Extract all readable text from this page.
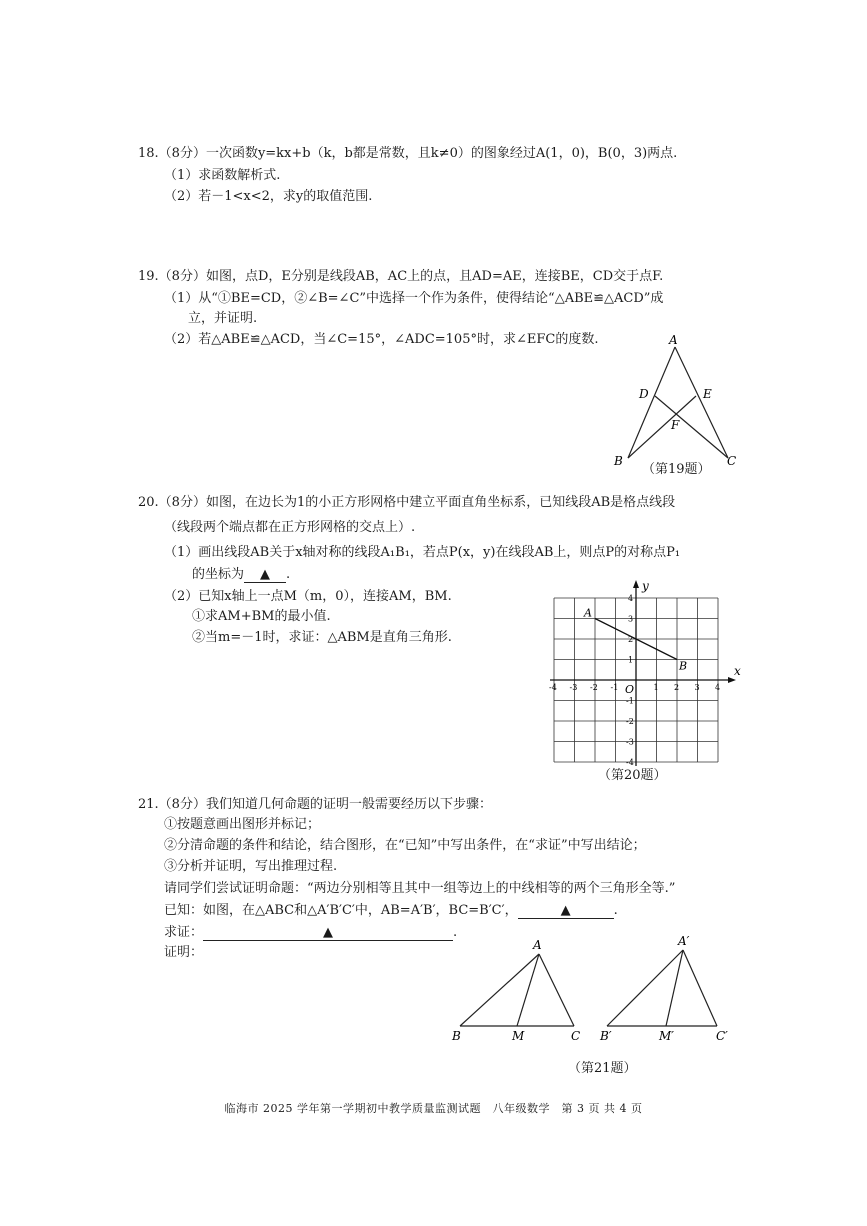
18.（8分）一次函数y=kx+b（k，b都是常数，且k≠0）的图象经过A(1，0)，B(0，3)两点.
（1）求函数解析式.
（2）若－1<x<2，求y的取值范围.
19.（8分）如图，点D，E分别是线段AB，AC上的点，且AD=AE，连接BE，CD交于点F.
（1）从“①BE=CD，②∠B=∠C”中选择一个作为条件，使得结论“△ABE≌△ACD”成
立，并证明.
（2）若△ABE≌△ACD，当∠C=15°，∠ADC=105°时，求∠EFC的度数.	A
B	C
D	E
F
（第19题）
20.（8分）如图，在边长为1的小正方形网格中建立平面直角坐标系，已知线段AB是格点线段
（线段两个端点都在正方形网格的交点上）.
（1）画出线段AB关于x轴对称的线段A₁B₁，若点P(x，y)在线段AB上，则点P的对称点P₁
的坐标为 ▲ .
（2）已知x轴上一点M（m，0），连接AM，BM.
①求AM+BM的最小值.
②当m=－1时，求证：△ABM是直角三角形.
x
y
O
-4 -3 -2 -1	1 2 3 4
4
3
2
1
-1
-2
-3
-4
A
B
（第20题）
21.（8分）我们知道几何命题的证明一般需要经历以下步骤：
①按题意画出图形并标记；
②分清命题的条件和结论，结合图形，在“已知”中写出条件，在“求证”中写出结论；
③分析并证明，写出推理过程.
请同学们尝试证明命题：“两边分别相等且其中一组等边上的中线相等的两个三角形全等.”
已知：如图，在△ABC和△A′B′C′中，AB=A′B′，BC=B′C′，	▲	.
求证：	▲	.
证明：	A
B	M	C
A′
B′	M′	C′
（第21题）
临海市 2025 学年第一学期初中教学质量监测试题　八年级数学　第 3 页 共 4 页
